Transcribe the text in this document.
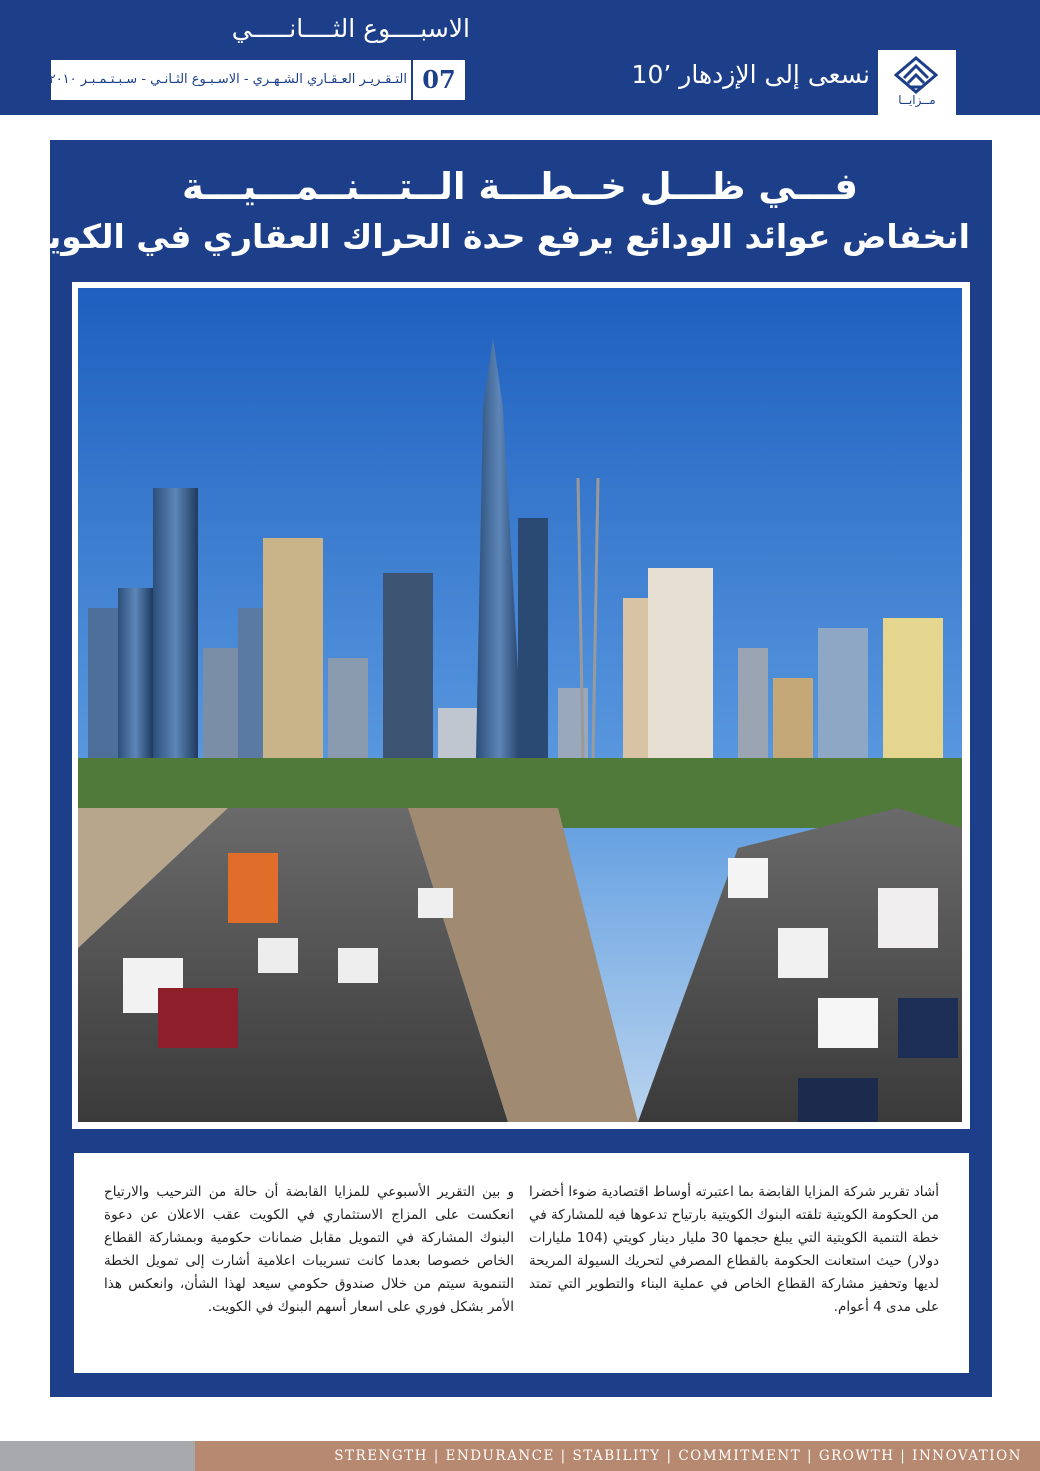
الاسبــــوع الثــــانـــــي
التـقـريـر العـقـاري الشـهـري - الاسـبـوع الثـانـي - سـبـتـمـبـر ٢٠١٠ 07	نسعى إلى الإزدهار ’10
مــزايــا
فـــي ظـــل خــطـــة الــتـــنــمـــيـــة
انخفاض عوائد الودائع يرفع حدة الحراك العقاري في الكويت
أشاد تقرير شركة المزايا القابضة بما اعتبرته أوساط اقتصادية ضوءا أخضرا من الحكومة الكويتية تلقته البنوك الكويتية بارتياح تدعوها فيه للمشاركة في خطة التنمية الكويتية التي يبلغ حجمها 30 مليار دينار كويتي (104 مليارات دولار) حيث استعانت الحكومة بالقطاع المصرفي لتحريك السيولة المريحة لديها وتحفيز مشاركة القطاع الخاص في عملية البناء والتطوير التي تمتد على مدى 4 أعوام.
و بين التقرير الأسبوعي للمزايا القابضة أن حالة من الترحيب والارتياح انعكست على المزاج الاستثماري في الكويت عقب الاعلان عن دعوة البنوك المشاركة في التمويل مقابل ضمانات حكومية وبمشاركة القطاع الخاص خصوصا بعدما كانت تسريبات اعلامية أشارت إلى تمويل الخطة التنموية سيتم من خلال صندوق حكومي سيعد لهذا الشأن، وانعكس هذا الأمر بشكل فوري على اسعار أسهم البنوك في الكويت.
STRENGTH | ENDURANCE | STABILITY | COMMITMENT | GROWTH | INNOVATION
